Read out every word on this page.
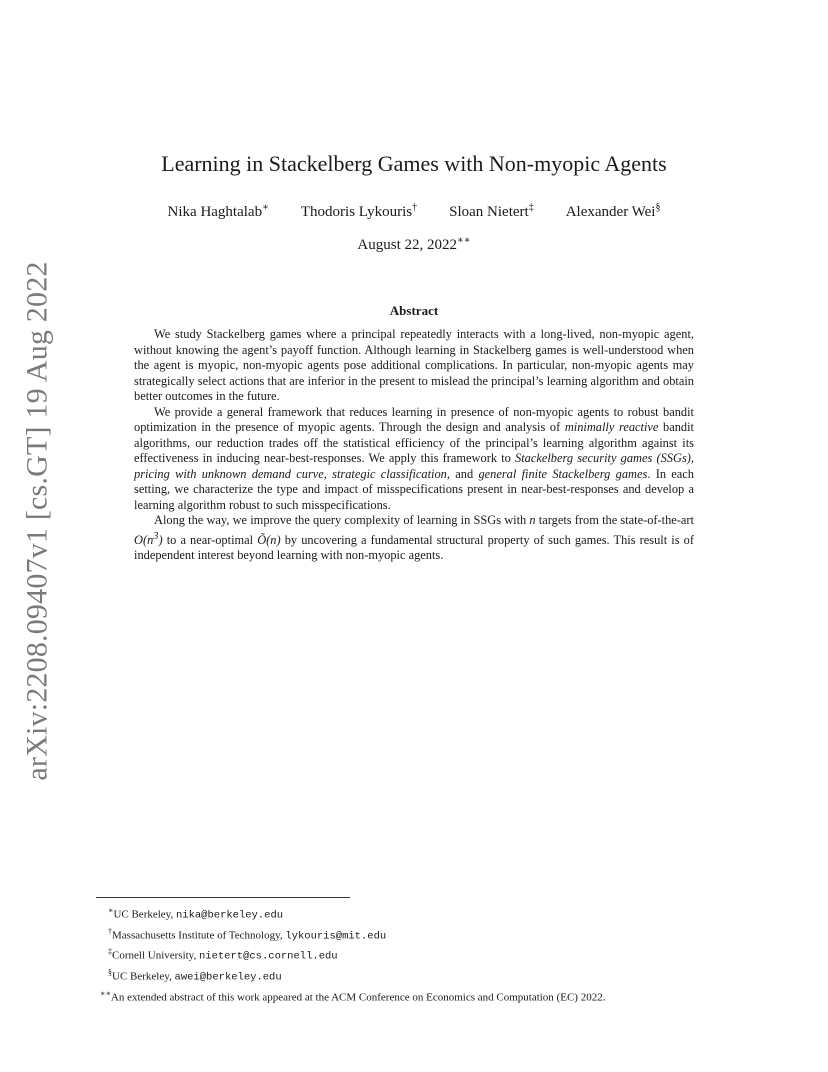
arXiv:2208.09407v1 [cs.GT] 19 Aug 2022
Learning in Stackelberg Games with Non-myopic Agents
Nika Haghtalab∗ Thodoris Lykouris† Sloan Nietert‡ Alexander Wei§
August 22, 2022∗∗
Abstract

We study Stackelberg games where a principal repeatedly interacts with a long-lived, non-myopic agent, without knowing the agent’s payoff function. Although learning in Stackelberg games is well-understood when the agent is myopic, non-myopic agents pose additional complications. In particular, non-myopic agents may strategically select actions that are inferior in the present to mislead the principal’s learning algorithm and obtain better outcomes in the future.

We provide a general framework that reduces learning in presence of non-myopic agents to robust bandit optimization in the presence of myopic agents. Through the design and analysis of minimally reactive bandit algorithms, our reduction trades off the statistical efficiency of the principal’s learning algorithm against its effectiveness in inducing near-best-responses. We apply this framework to Stackelberg security games (SSGs), pricing with unknown demand curve, strategic classification, and general finite Stackelberg games. In each setting, we characterize the type and impact of misspecifications present in near-best-responses and develop a learning algorithm robust to such misspecifications.

Along the way, we improve the query complexity of learning in SSGs with n targets from the state-of-the-art $O(n^3)$ to a near-optimal Õ(n) by uncovering a fundamental structural property of such games. This result is of independent interest beyond learning with non-myopic agents.

∗UC Berkeley, nika@berkeley.edu
†Massachusetts Institute of Technology, lykouris@mit.edu
‡Cornell University, nietert@cs.cornell.edu
§UC Berkeley, awei@berkeley.edu
∗∗An extended abstract of this work appeared at the ACM Conference on Economics and Computation (EC) 2022.
